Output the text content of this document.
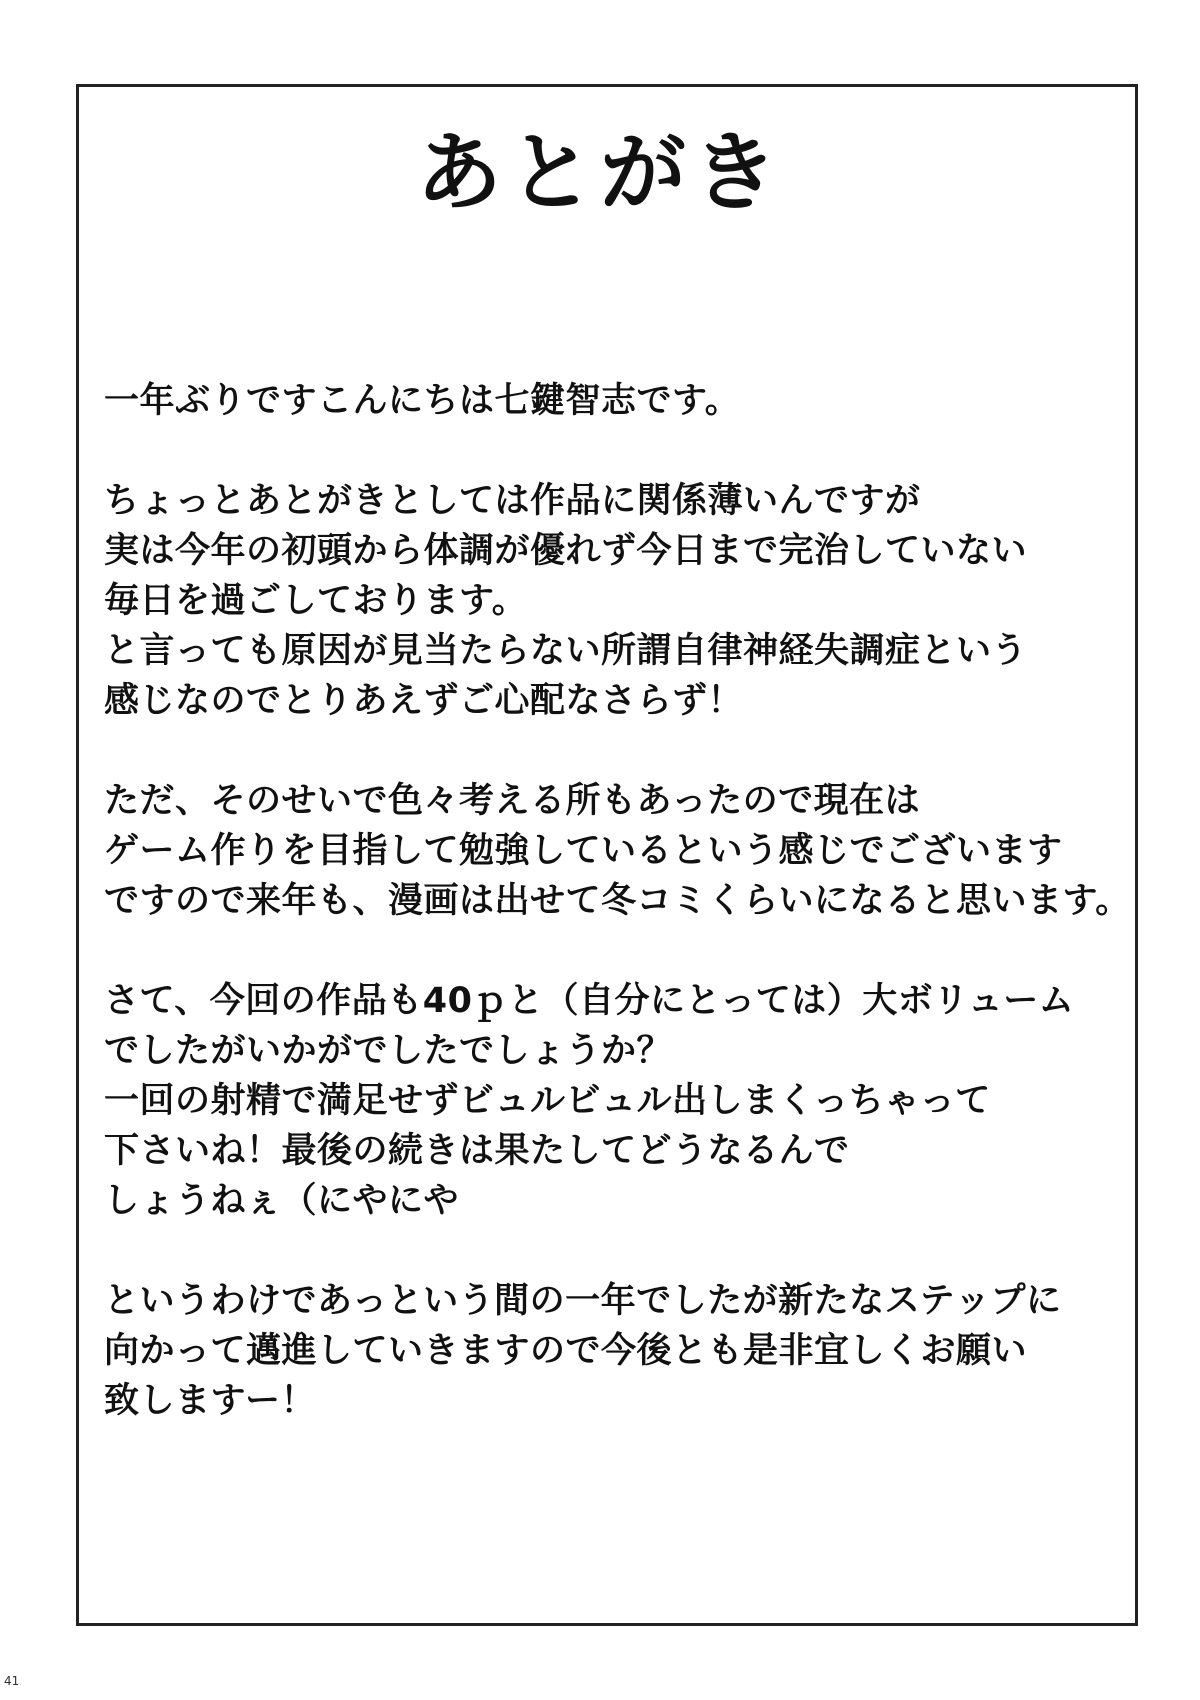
あとがき

一年ぶりですこんにちは七鍵智志です。

ちょっとあとがきとしては作品に関係薄いんですが
実は今年の初頭から体調が優れず今日まで完治していない
毎日を過ごしております。
と言っても原因が見当たらない所謂自律神経失調症という
感じなのでとりあえずご心配なさらず！

ただ、そのせいで色々考える所もあったので現在は
ゲーム作りを目指して勉強しているという感じでございます
ですので来年も、漫画は出せて冬コミくらいになると思います。

さて、今回の作品も40ｐと（自分にとっては）大ボリューム
でしたがいかがでしたでしょうか？
一回の射精で満足せずビュルビュル出しまくっちゃって
下さいね！最後の続きは果たしてどうなるんで
しょうねぇ（にやにや

というわけであっという間の一年でしたが新たなステップに
向かって邁進していきますので今後とも是非宜しくお願い
致しますー！

41
